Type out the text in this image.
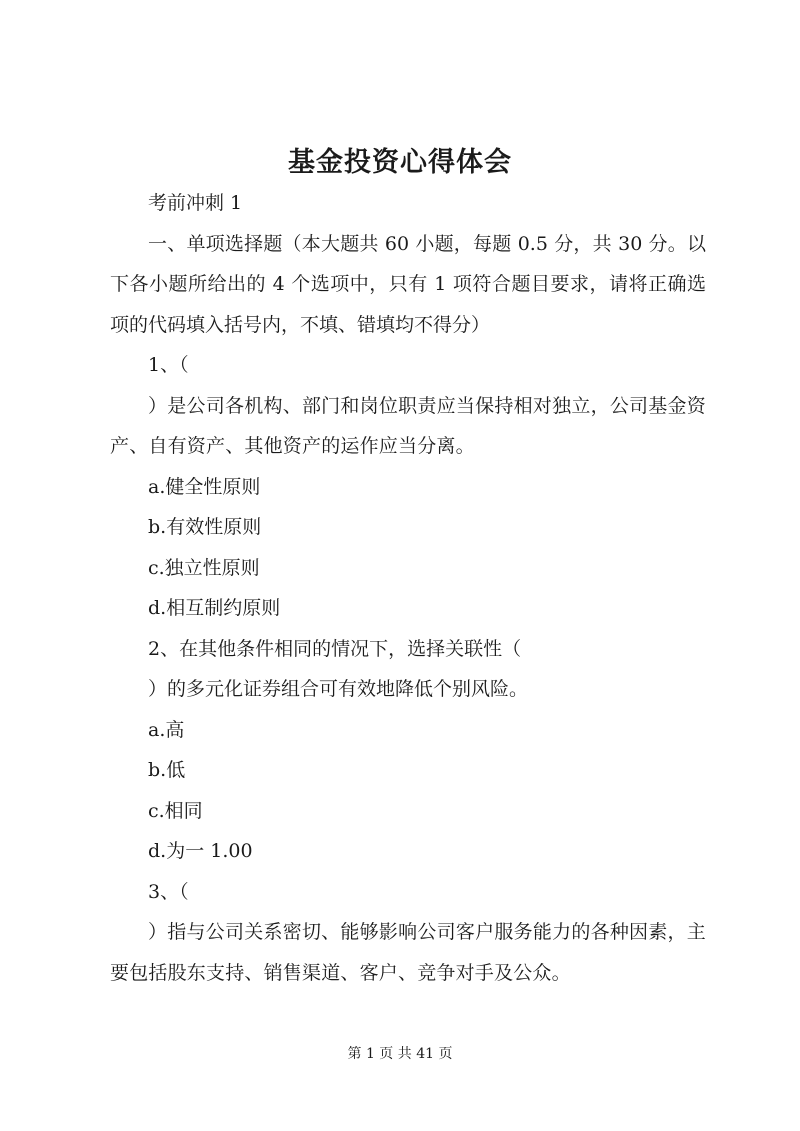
基金投资心得体会

考前冲刺 1

一、单项选择题（本大题共 60 小题，每题 0.5 分，共 30 分。以下各小题所给出的 4 个选项中，只有 1 项符合题目要求，请将正确选项的代码填入括号内，不填、错填均不得分）

1、（

）是公司各机构、部门和岗位职责应当保持相对独立，公司基金资产、自有资产、其他资产的运作应当分离。

a.健全性原则

b.有效性原则

c.独立性原则

d.相互制约原则

2、在其他条件相同的情况下，选择关联性（

）的多元化证券组合可有效地降低个别风险。

a.高

b.低

c.相同

d.为一 1.00

3、（

）指与公司关系密切、能够影响公司客户服务能力的各种因素，主要包括股东支持、销售渠道、客户、竞争对手及公众。

第 1 页 共 41 页
